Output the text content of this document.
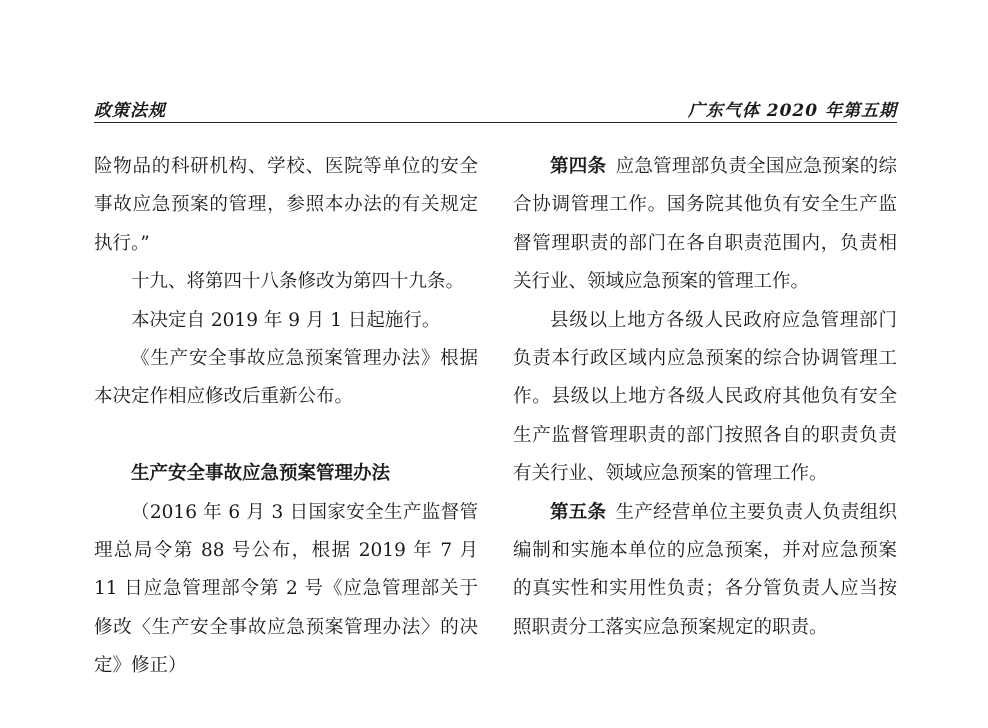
政策法规	广东气体 2020 年第五期

险物品的科研机构、学校、医院等单位的安全事故应急预案的管理，参照本办法的有关规定执行。”

十九、将第四十八条修改为第四十九条。

本决定自 2019 年 9 月 1 日起施行。

《生产安全事故应急预案管理办法》根据本决定作相应修改后重新公布。

生产安全事故应急预案管理办法

（2016 年 6 月 3 日国家安全生产监督管理总局令第 88 号公布，根据 2019 年 7 月 11 日应急管理部令第 2 号《应急管理部关于修改〈生产安全事故应急预案管理办法〉的决定》修正）

第四条 应急管理部负责全国应急预案的综合协调管理工作。国务院其他负有安全生产监督管理职责的部门在各自职责范围内，负责相关行业、领域应急预案的管理工作。

县级以上地方各级人民政府应急管理部门负责本行政区域内应急预案的综合协调管理工作。县级以上地方各级人民政府其他负有安全生产监督管理职责的部门按照各自的职责负责有关行业、领域应急预案的管理工作。

第五条 生产经营单位主要负责人负责组织编制和实施本单位的应急预案，并对应急预案的真实性和实用性负责；各分管负责人应当按照职责分工落实应急预案规定的职责。
